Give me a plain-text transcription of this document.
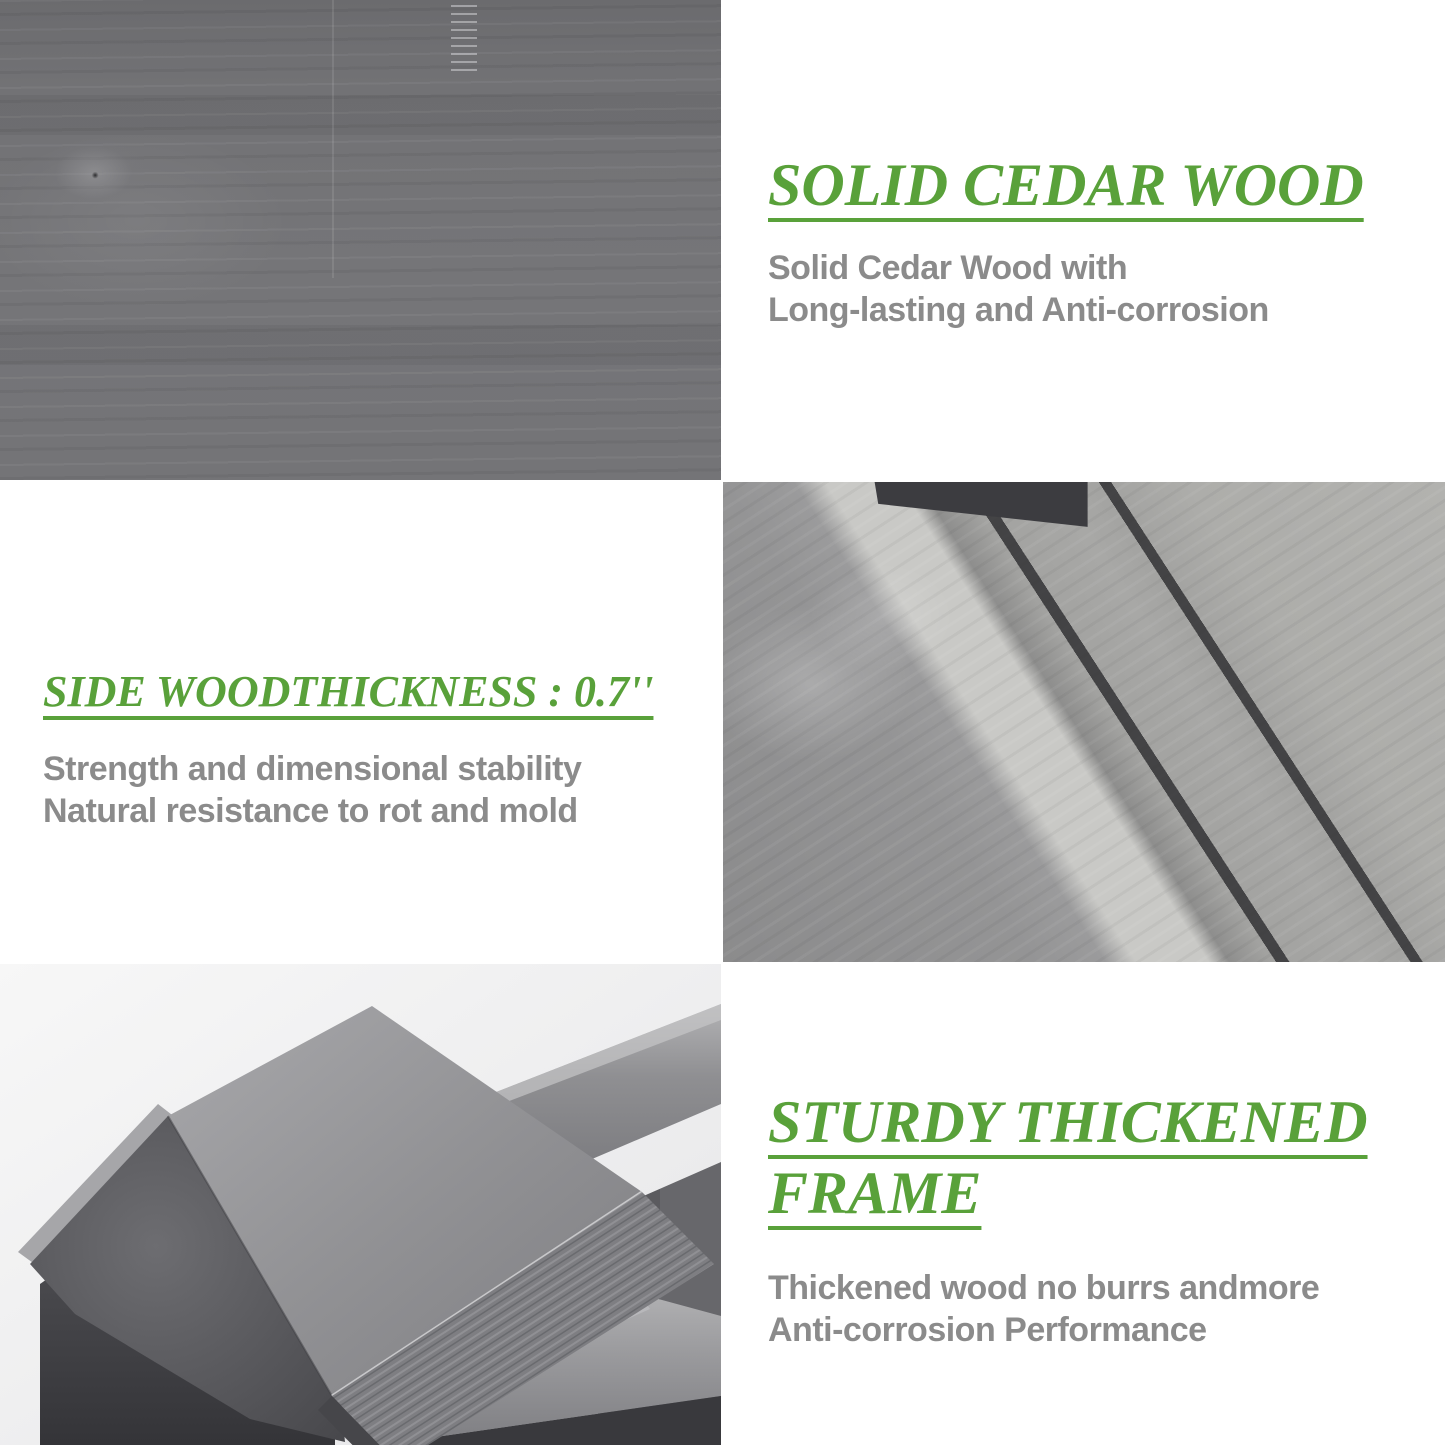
SOLID CEDAR WOOD
Solid Cedar Wood with
Long-lasting and Anti-corrosion
SIDE WOODTHICKNESS : 0.7''
Strength and dimensional stability
Natural resistance to rot and mold
STURDY THICKENED FRAME
Thickened wood no burrs andmore
Anti-corrosion Performance
